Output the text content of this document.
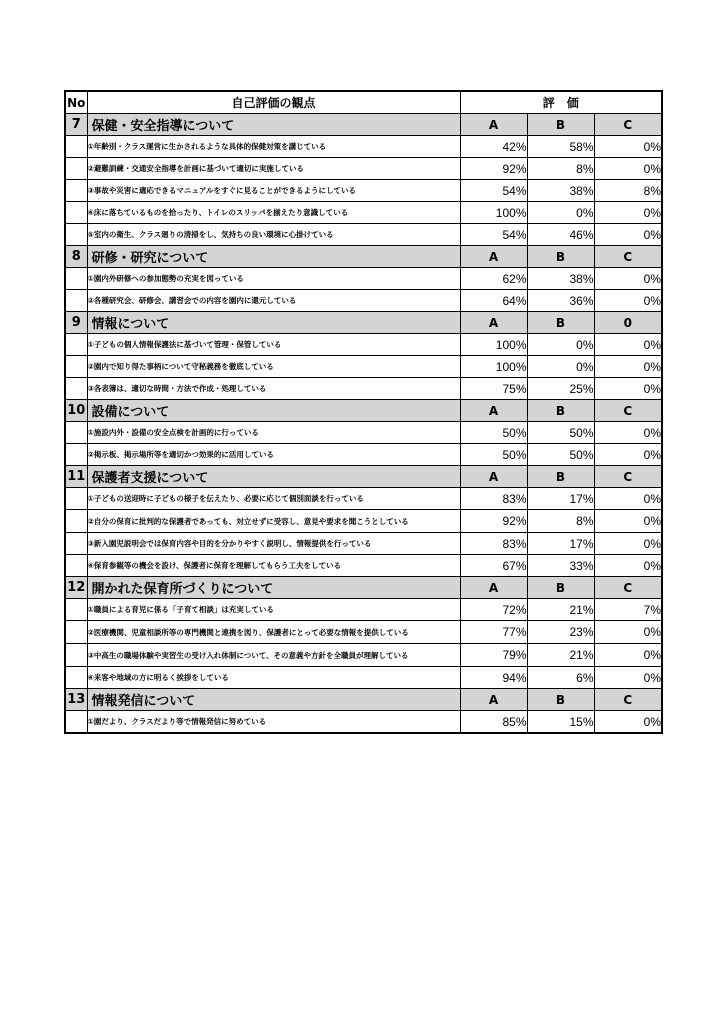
No	自己評価の観点	評　価		
7	保健・安全指導について	A	B	C
	①年齢別・クラス運営に生かされるような具体的保健対策を講じている	42%	58%	0%
	②避難訓練・交通安全指導を計画に基づいて適切に実施している	92%	8%	0%
	③事故や災害に適応できるマニュアルをすぐに見ることができるようにしている	54%	38%	8%
	④床に落ちているものを拾ったり、トイレのスリッパを揃えたり意識している	100%	0%	0%
	⑤室内の衛生、クラス廻りの清掃をし、気持ちの良い環境に心掛けている	54%	46%	0%
8	研修・研究について	A	B	C
	①園内外研修への参加態勢の充実を図っている	62%	38%	0%
	②各種研究会、研修会、講習会での内容を園内に還元している	64%	36%	0%
9	情報について	A	B	0
	①子どもの個人情報保護法に基づいて管理・保管している	100%	0%	0%
	②園内で知り得た事柄について守秘義務を徹底している	100%	0%	0%
	③各表簿は、適切な時間・方法で作成・処理している	75%	25%	0%
10	設備について	A	B	C
	①施設内外・設備の安全点検を計画的に行っている	50%	50%	0%
	②掲示板、掲示場所等を適切かつ効果的に活用している	50%	50%	0%
11	保護者支援について	A	B	C
	①子どもの送迎時に子どもの様子を伝えたり、必要に応じて個別面談を行っている	83%	17%	0%
	②自分の保育に批判的な保護者であっても、対立せずに受容し、意見や要求を聞こうとしている	92%	8%	0%
	③新入園児説明会では保育内容や目的を分かりやすく説明し、情報提供を行っている	83%	17%	0%
	④保育参観等の機会を設け、保護者に保育を理解してもらう工夫をしている	67%	33%	0%
12	開かれた保育所づくりについて	A	B	C
	①職員による育児に係る「子育て相談」は充実している	72%	21%	7%
	②医療機関、児童相談所等の専門機関と連携を図り、保護者にとって必要な情報を提供している	77%	23%	0%
	③中高生の職場体験や実習生の受け入れ体制について、その意義や方針を全職員が理解している	79%	21%	0%
	④来客や地域の方に明るく挨拶をしている	94%	6%	0%
13	情報発信について	A	B	C
	①園だより、クラスだより等で情報発信に努めている	85%	15%	0%
